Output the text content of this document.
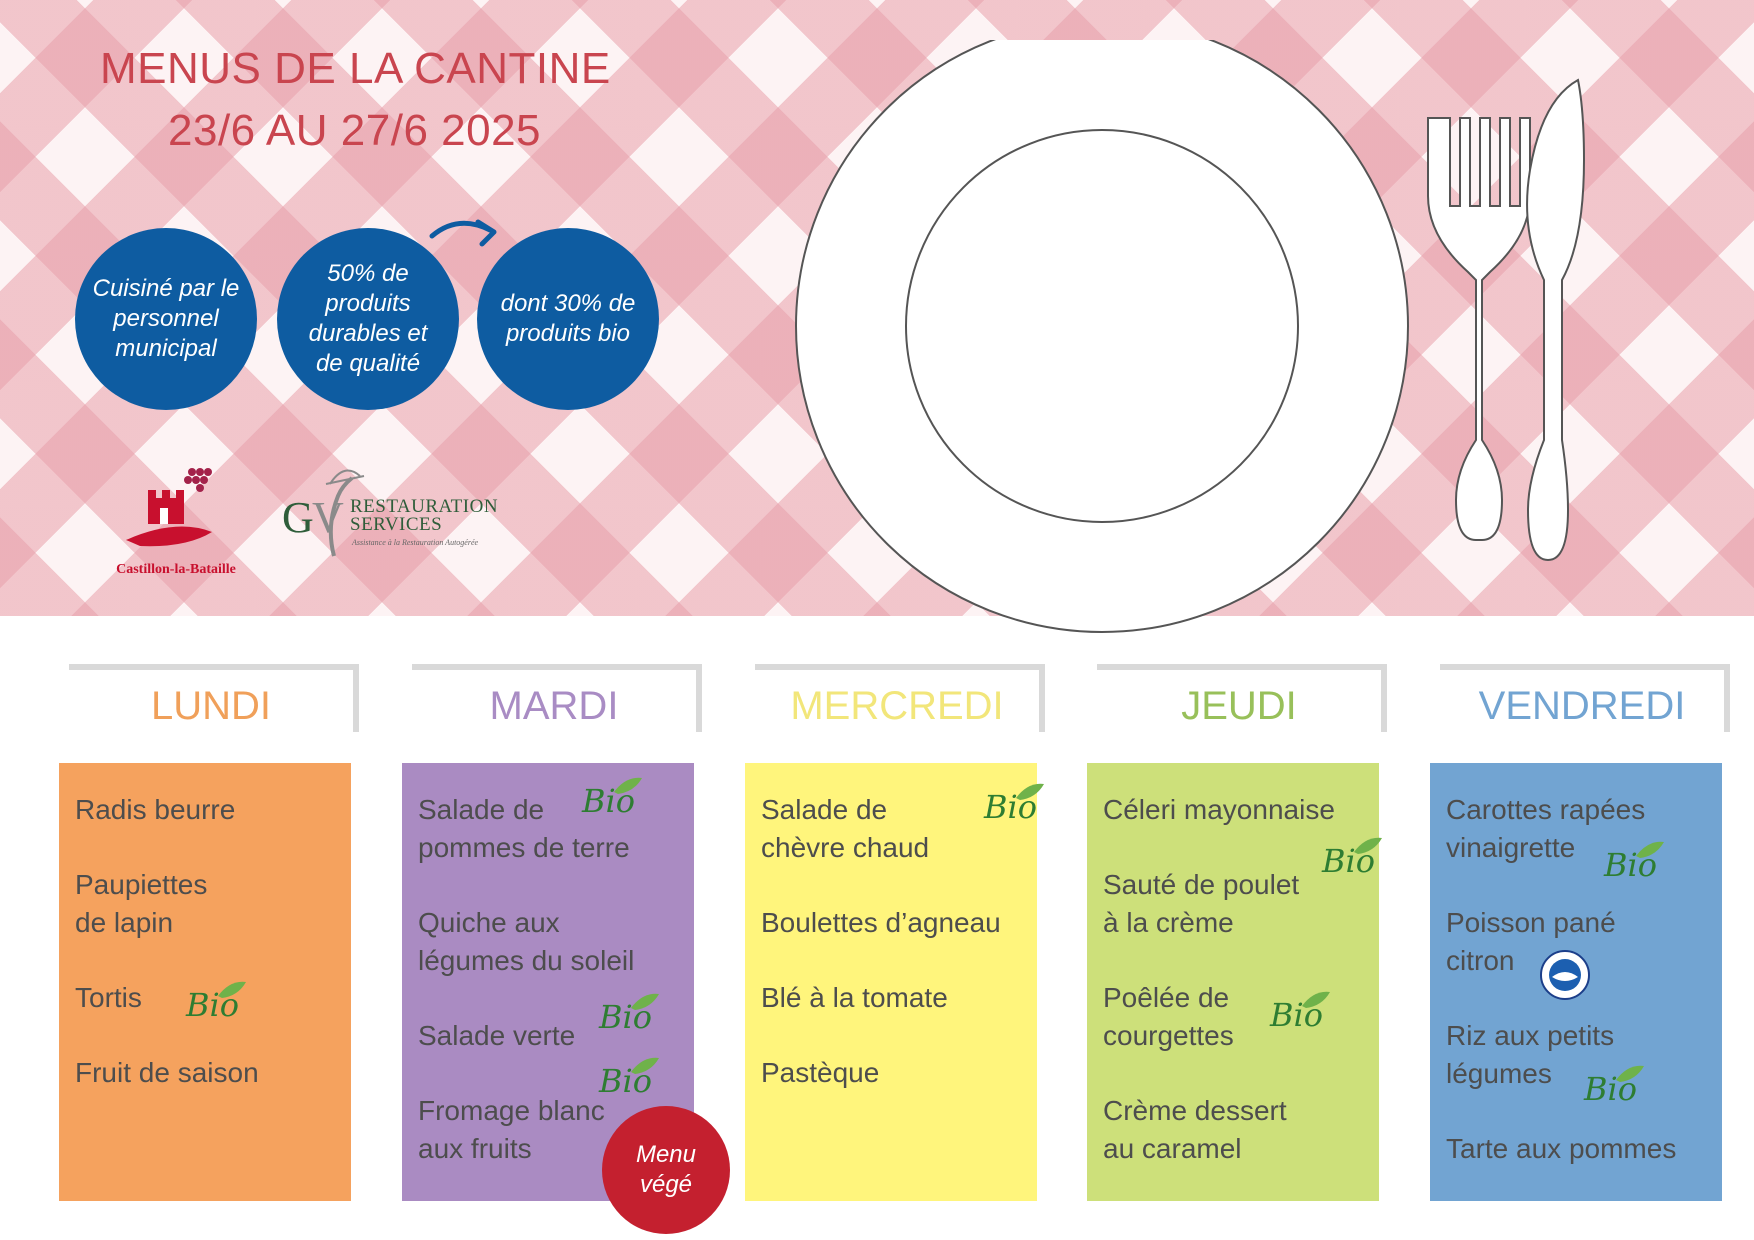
MENUS DE LA CANTINE
23/6 AU 27/6 2025
Cuisiné par le personnel municipal
50% de produits durables et de qualité
dont 30% de produits bio
Castillon-la-Bataille
G
V RESTAURATION
SERVICES
Assistance à la Restauration Autogérée
LUNDI	MARDI	MERCREDI	JEUDI	VENDREDI
Radis beurre
Paupiettes
de lapin
Tortis
Fruit de saison
Salade de
pommes de terre
Quiche aux
légumes du soleil
Salade verte
Fromage blanc
aux fruits
Salade de
chèvre chaud
Boulettes d’agneau
Blé à la tomate
Pastèque
Céleri mayonnaise
Sauté de poulet
à la crème
Poêlée de
courgettes
Crème dessert
au caramel
Carottes rapées
vinaigrette
Poisson pané
citron
Riz aux petits
légumes
Tarte aux pommes
Bio	Bio
Bio	Bio
Bio	Bio	Bio
Bio	Bio
Menu
végé
